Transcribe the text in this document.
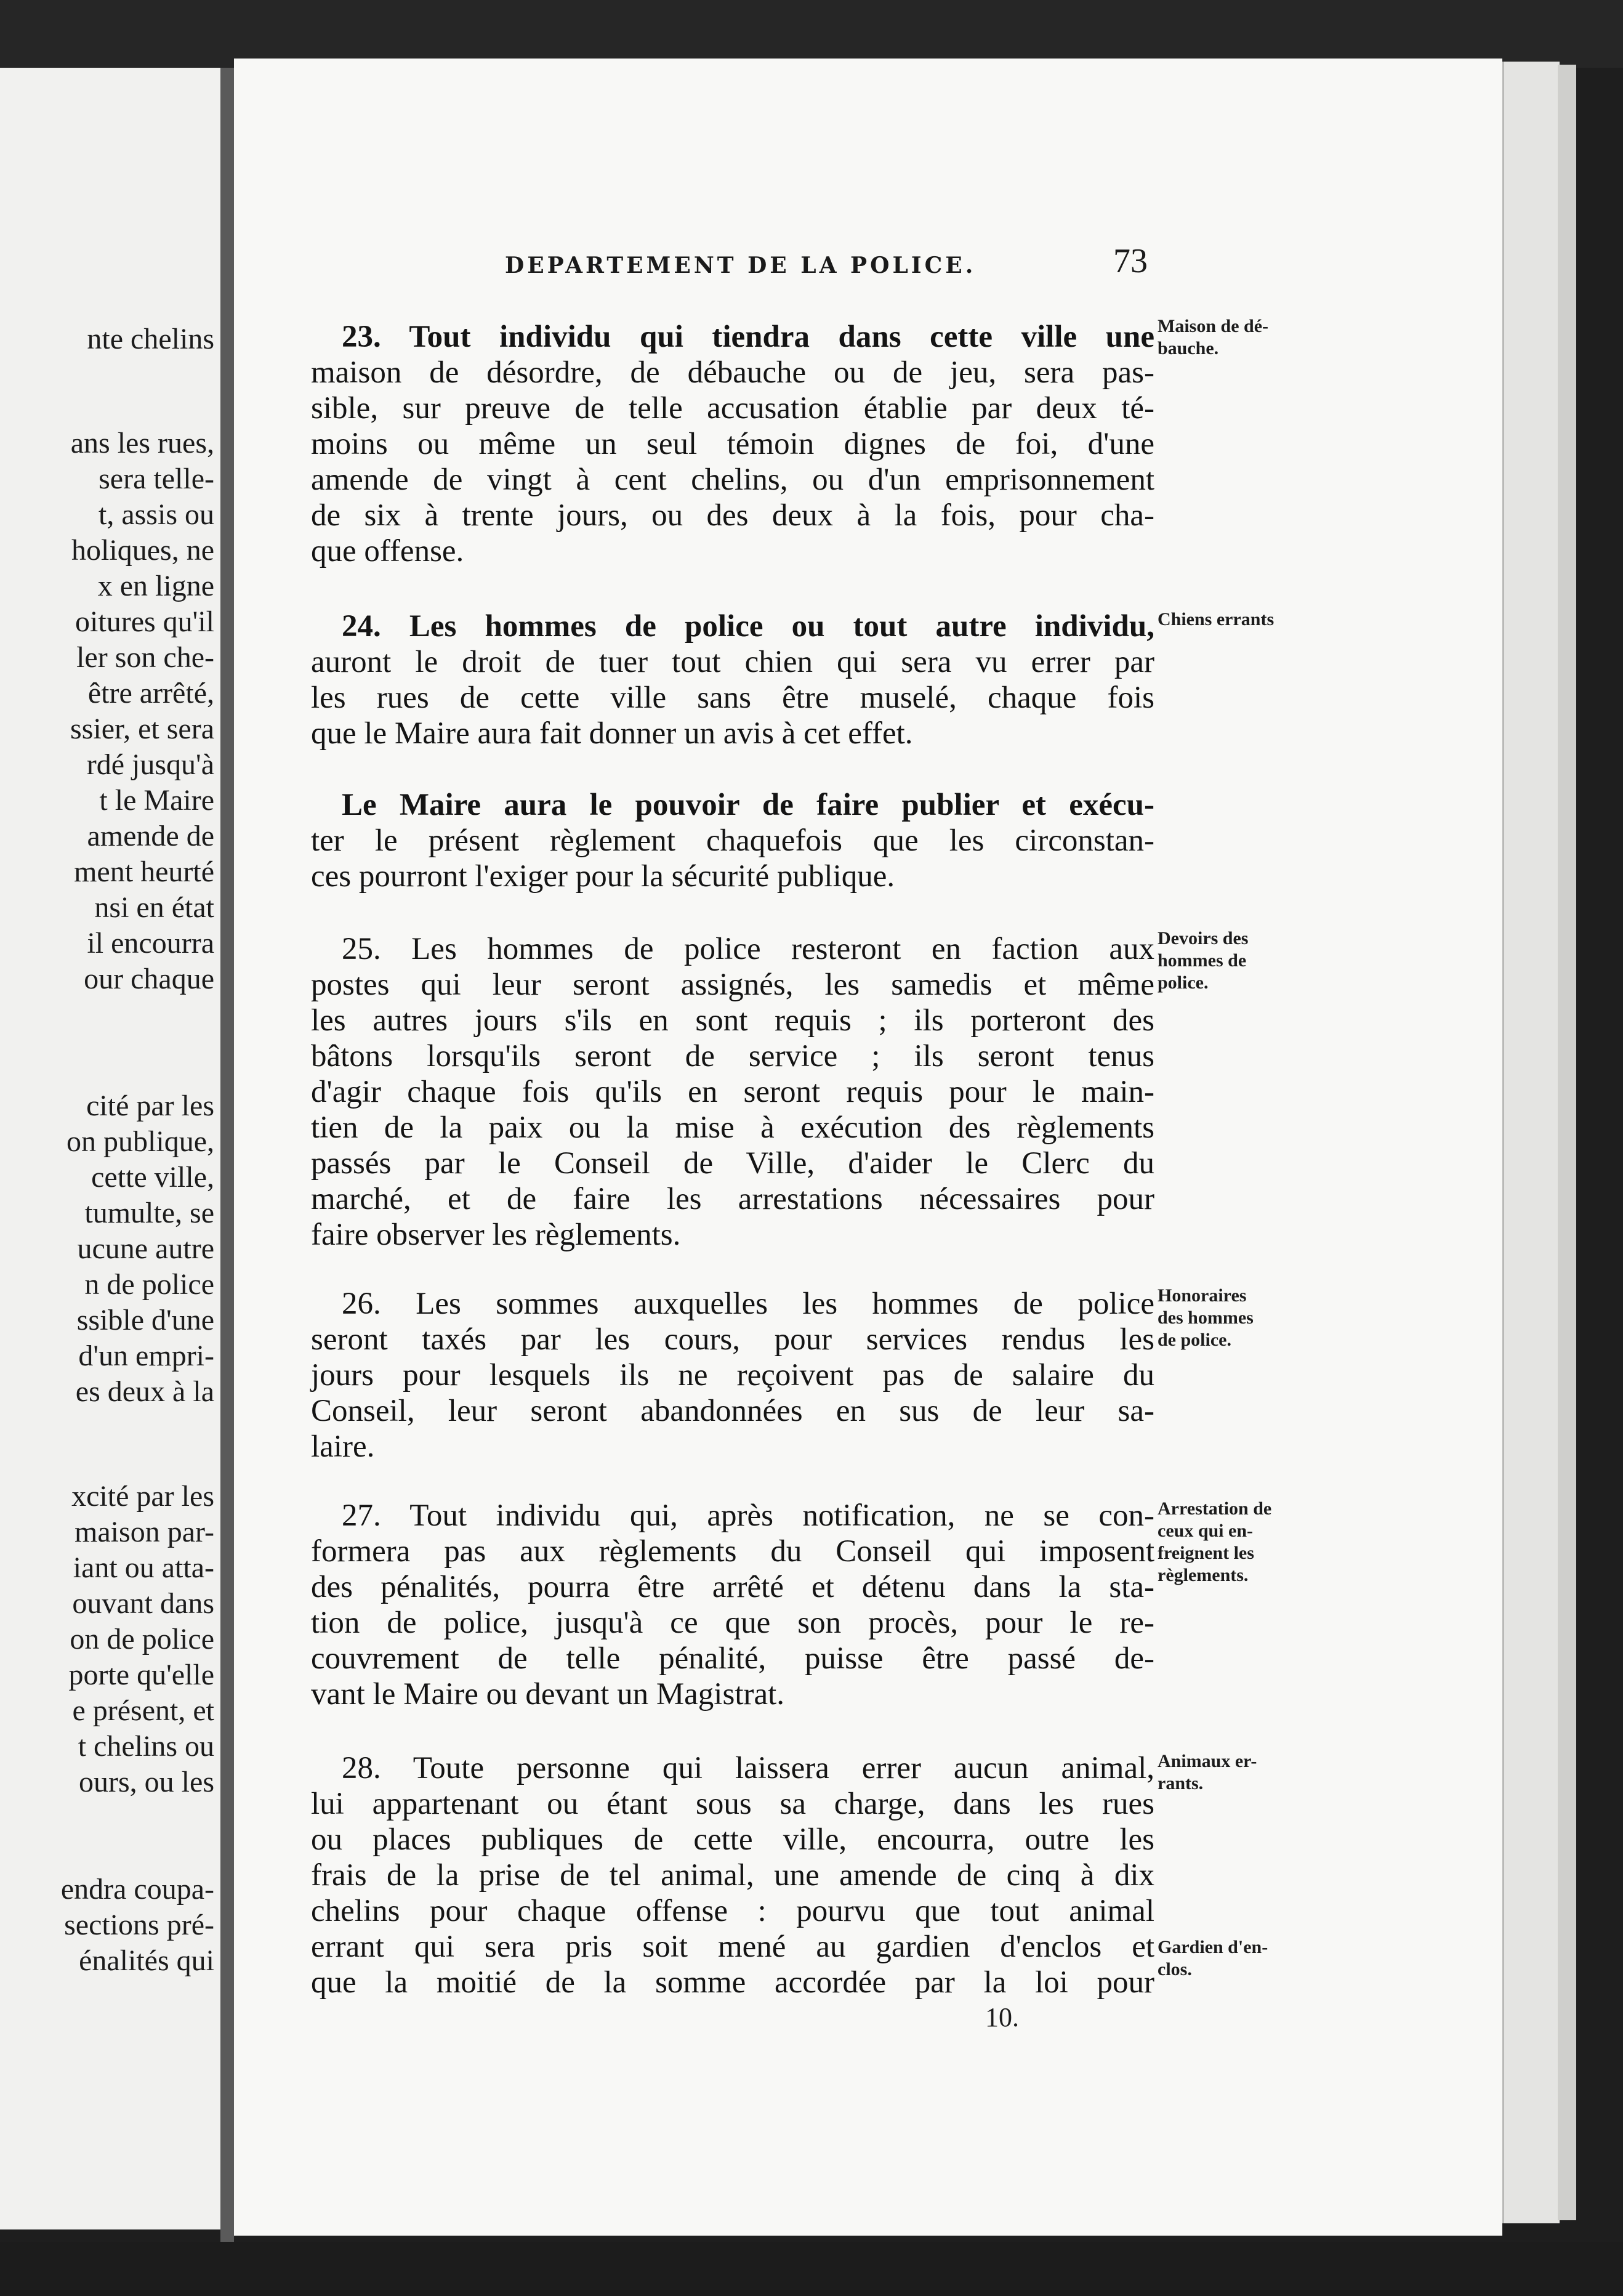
nte chelins
ans les rues,
sera telle-
t, assis ou
holiques, ne
x en ligne
oitures qu'il
ler son che-
être arrêté,
ssier, et sera
rdé jusqu'à
t le Maire
amende de
ment heurté
nsi en état
il encourra
our chaque
cité par les
on publique,
cette ville,
tumulte, se
ucune autre
n de police
ssible d'une
d'un empri-
es deux à la
xcité par les
maison par-
iant ou atta-
ouvant dans
on de police
porte qu'elle
e présent, et
t chelins ou
ours, ou les
endra coupa-
sections pré-
énalités qui
DEPARTEMENT DE LA POLICE.	73
23. Tout individu qui tiendra dans cette ville une
maison de désordre, de débauche ou de jeu, sera pas-
sible, sur preuve de telle accusation établie par deux té-
moins ou même un seul témoin dignes de foi, d'une
amende de vingt à cent chelins, ou d'un emprisonnement
de six à trente jours, ou des deux à la fois, pour cha-
que offense.
Maison de dé-
bauche.
24. Les hommes de police ou tout autre individu,
auront le droit de tuer tout chien qui sera vu errer par
les rues de cette ville sans être muselé, chaque fois
que le Maire aura fait donner un avis à cet effet.
Chiens errants
Le Maire aura le pouvoir de faire publier et exécu-
ter le présent règlement chaquefois que les circonstan-
ces pourront l'exiger pour la sécurité publique.
25. Les hommes de police resteront en faction aux
postes qui leur seront assignés, les samedis et même
les autres jours s'ils en sont requis ; ils porteront des
bâtons lorsqu'ils seront de service ; ils seront tenus
d'agir chaque fois qu'ils en seront requis pour le main-
tien de la paix ou la mise à exécution des règlements
passés par le Conseil de Ville, d'aider le Clerc du
marché, et de faire les arrestations nécessaires pour
faire observer les règlements.
Devoirs des
hommes de
police.
26. Les sommes auxquelles les hommes de police
seront taxés par les cours, pour services rendus les
jours pour lesquels ils ne reçoivent pas de salaire du
Conseil, leur seront abandonnées en sus de leur sa-
laire.
Honoraires
des hommes
de police.
27. Tout individu qui, après notification, ne se con-
formera pas aux règlements du Conseil qui imposent
des pénalités, pourra être arrêté et détenu dans la sta-
tion de police, jusqu'à ce que son procès, pour le re-
couvrement de telle pénalité, puisse être passé de-
vant le Maire ou devant un Magistrat.
Arrestation de
ceux qui en-
freignent les
règlements.
28. Toute personne qui laissera errer aucun animal,
lui appartenant ou étant sous sa charge, dans les rues
ou places publiques de cette ville, encourra, outre les
frais de la prise de tel animal, une amende de cinq à dix
chelins pour chaque offense : pourvu que tout animal
errant qui sera pris soit mené au gardien d'enclos et
que la moitié de la somme accordée par la loi pour
Animaux er-
rants.
Gardien d'en-
clos.
10.
